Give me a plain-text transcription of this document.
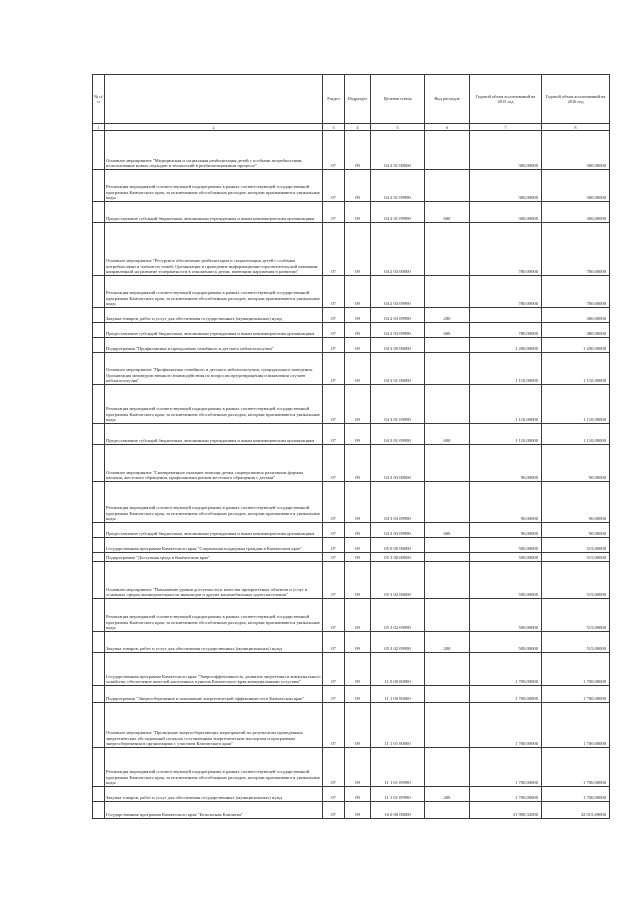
№ п/п		Раздел	Подраздел	Целевая статья	Вид расходов	Годовой объем ассигнований на 2015 год	Годовой объем ассигнований на 2016 год
1	2	3	4	5	6	7	8
	Основное мероприятие "Медицинская и социальная реабилитация детей с особыми потребностями, использование новых подходов и технологий в реабилитационном процессе"	07	09	04 2 01 00000		300,00000	300,00000
	Реализация мероприятий соответствующей подпрограммы в рамках соответствующей государственной программы Камчатского края, за исключением обособленных расходов, которым присваиваются уникальные коды	07	09	04 2 01 09990		300,00000	300,00000
	Предоставление субсидий бюджетным, автономным учреждениям и иным некоммерческим организациям	07	09	04 2 01 09990	600	300,00000	300,00000
	Основное мероприятие "Ресурсное обеспечение реабилитации и социализации детей с особыми потребностями и членов их семей; Организация и проведение информационно-просветительской кампании, направленной на развитие толерантности в отношении к детям, имеющим нарушения в развитии"	07	09	04 2 03 00000		780,00000	780,00000
	Реализация мероприятий соответствующей подпрограммы в рамках соответствующей государственной программы Камчатского края, за исключением обособленных расходов, которым присваиваются уникальные коды	07	09	04 2 03 09990		780,00000	780,00000
	Закупка товаров, работ и услуг для обеспечения государственных (муниципальных) нужд	07	09	04 2 03 09990	200		300,00000
	Предоставление субсидий бюджетным, автономным учреждениям и иным некоммерческим организациям	07	09	04 2 03 09990	600	780,00000	480,00000
	Подпрограмма "Профилактика и преодоление семейного и детского неблагополучия"	07	09	04 3 00 00000		1 200,00000	1 200,00000
	Основное мероприятие "Профилактика семейного и детского неблагополучия, суицидального поведения. Организация межведомственного взаимодействия по вопросам предотвращения и выявления случаев неблагополучия"	07	09	04 3 01 00000		1 110,00000	1 110,00000
	Реализация мероприятий соответствующей подпрограммы в рамках соответствующей государственной программы Камчатского края, за исключением обособленных расходов, которым присваиваются уникальные коды	07	09	04 3 01 09990		1 110,00000	1 110,00000
	Предоставление субсидий бюджетным, автономным учреждениям и иным некоммерческим организациям	07	09	04 3 01 09990	600	1 110,00000	1 110,00000
	Основное мероприятие "Своевременное оказание помощи детям, подвергшимся различным формам насилия, жестокого обращения, профилактика рисков жестокого обращения с детьми"	07	09	04 3 03 00000		90,00000	90,00000
	Реализация мероприятий соответствующей подпрограммы в рамках соответствующей государственной программы Камчатского края, за исключением обособленных расходов, которым присваиваются уникальные коды	07	09	04 3 03 09990		90,00000	90,00000
	Предоставление субсидий бюджетным, автономным учреждениям и иным некоммерческим организациям	07	09	04 3 03 09990	600	90,00000	90,00000
	Государственная программа Камчатского края "Социальная поддержка граждан в Камчатском крае"	07	09	05 0 00 00000		500,00000	515,00000
	Подпрограмма "Доступная среда в Камчатском крае"	07	09	05 3 00 00000		500,00000	515,00000
	Основное мероприятие "Повышение уровня доступности и качества приоритетных объектов и услуг в основных сферах жизнедеятельности инвалидов и других маломобильных групп населения"	07	09	05 3 02 00000		500,00000	515,00000
	Реализация мероприятий соответствующей подпрограммы в рамках соответствующей государственной программы Камчатского края, за исключением обособленных расходов, которым присваиваются уникальные коды	07	09	05 3 02 09990		500,00000	515,00000
	Закупка товаров, работ и услуг для обеспечения государственных (муниципальных) нужд	07	09	05 3 02 09990	200	500,00000	515,00000
	Государственная программа Камчатского края "Энергоэффективность, развитие энергетики и коммунального хозяйства, обеспечение жителей населенных пунктов Камчатского края коммунальными услугами"	07	09	11 0 00 00000		1 700,00000	1 700,00000
	Подпрограмма "Энергосбережение и повышение энергетической эффективности в Камчатском крае"	07	09	11 1 00 00000		1 700,00000	1 700,00000
	Основное мероприятие "Проведение энергосберегающих мероприятий по результатам проведенных энергетических обследований согласно составленным энергетическим паспортам и программам энергосбережения в организациях с участием Камчатского края"	07	09	11 1 01 00000		1 700,00000	1 700,00000
	Реализация мероприятий соответствующей подпрограммы в рамках соответствующей государственной программы Камчатского края, за исключением обособленных расходов, которым присваиваются уникальные коды	07	09	11 1 01 09990		1 700,00000	1 700,00000
	Закупка товаров, работ и услуг для обеспечения государственных (муниципальных) нужд	07	09	11 1 01 09990	200	1 700,00000	1 700,00000
	Государственная программа Камчатского края "Безопасная Камчатка"	07	09	16 0 00 00000		31 908,32000	32 015,69000
